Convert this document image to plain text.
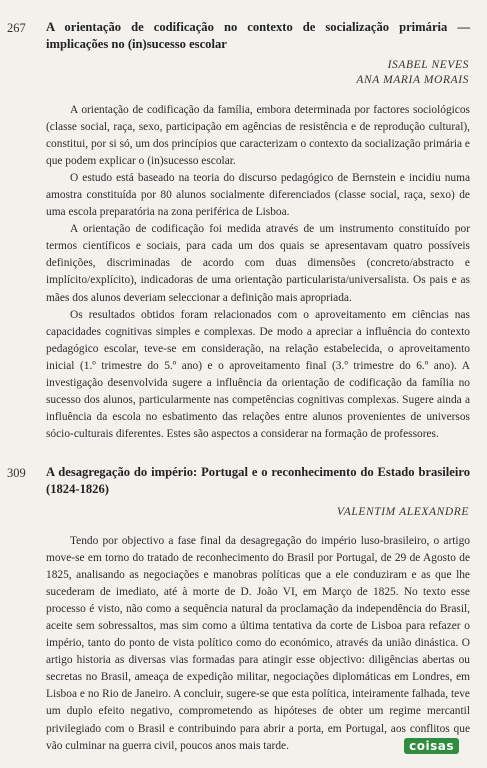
267 A orientação de codificação no contexto de socialização primária — implicações no (in)sucesso escolar
ISABEL NEVES
ANA MARIA MORAIS

A orientação de codificação da família, embora determinada por factores sociológicos (classe social, raça, sexo, participação em agências de resistência e de reprodução cultural), constitui, por si só, um dos princípios que caracterizam o contexto da socialização primária e que podem explicar o (in)sucesso escolar.

O estudo está baseado na teoria do discurso pedagógico de Bernstein e incidiu numa amostra constituída por 80 alunos socialmente diferenciados (classe social, raça, sexo) de uma escola preparatória na zona periférica de Lisboa.

A orientação de codificação foi medida através de um instrumento constituído por termos científicos e sociais, para cada um dos quais se apresentavam quatro possíveis definições, discriminadas de acordo com duas dimensões (concreto/abstracto e implícito/explícito), indicadoras de uma orientação particularista/universalista. Os pais e as mães dos alunos deveriam seleccionar a definição mais apropriada.

Os resultados obtidos foram relacionados com o aproveitamento em ciências nas capacidades cognitivas simples e complexas. De modo a apreciar a influência do contexto pedagógico escolar, teve-se em consideração, na relação estabelecida, o aproveitamento inicial (1.º trimestre do 5.º ano) e o aproveitamento final (3.º trimestre do 6.º ano). A investigação desenvolvida sugere a influência da orientação de codificação da família no sucesso dos alunos, particularmente nas competências cognitivas complexas. Sugere ainda a influência da escola no esbatimento das relações entre alunos provenientes de universos sócio-culturais diferentes. Estes são aspectos a considerar na formação de professores.

309 A desagregação do império: Portugal e o reconhecimento do Estado brasileiro (1824-1826)
VALENTIM ALEXANDRE

Tendo por objectivo a fase final da desagregação do império luso-brasileiro, o artigo move-se em torno do tratado de reconhecimento do Brasil por Portugal, de 29 de Agosto de 1825, analisando as negociações e manobras políticas que a ele conduziram e as que lhe sucederam de imediato, até à morte de D. João VI, em Março de 1825. No texto esse processo é visto, não como a sequência natural da proclamação da independência do Brasil, aceite sem sobressaltos, mas sim como a última tentativa da corte de Lisboa para refazer o império, tanto do ponto de vista político como do económico, através da união dinástica. O artigo historia as diversas vias formadas para atingir esse objectivo: diligências abertas ou secretas no Brasil, ameaça de expedição militar, negociações diplomáticas em Londres, em Lisboa e no Rio de Janeiro. A concluir, sugere-se que esta política, inteiramente falhada, teve um duplo efeito negativo, comprometendo as hipóteses de obter um regime mercantil privilegiado com o Brasil e contribuindo para abrir a porta, em Portugal, aos conflitos que vão culminar na guerra civil, poucos anos mais tarde.	coisas
